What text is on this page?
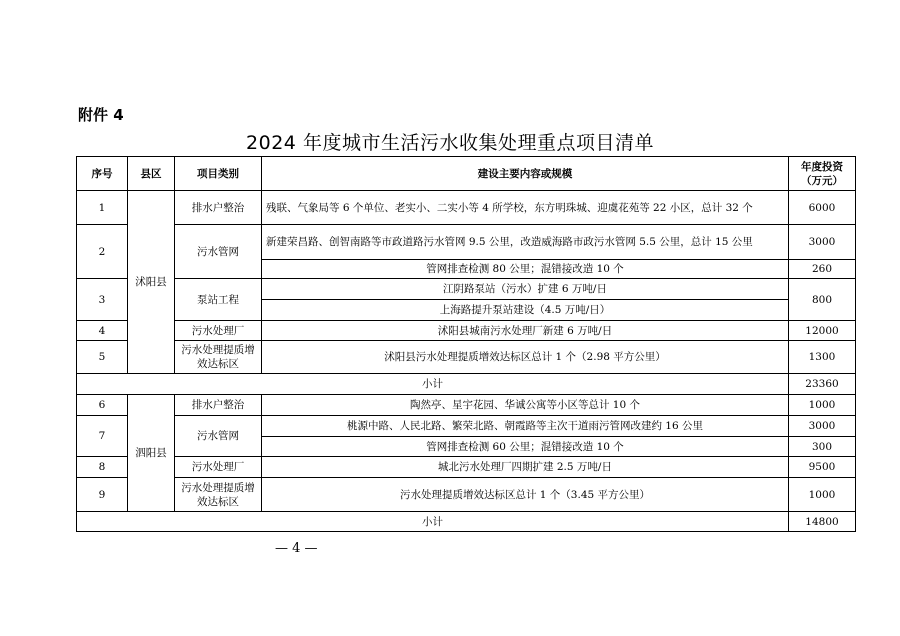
附件 4
2024 年度城市生活污水收集处理重点项目清单
序号	县区	项目类别	建设主要内容或规模	年度投资（万元）
1	沭阳县	排水户整治	残联、气象局等 6 个单位、老实小、二实小等 4 所学校，东方明珠城、迎虞花苑等 22 小区，总计 32 个	6000
2		污水管网	新建荣昌路、创智南路等市政道路污水管网 9.5 公里，改造威海路市政污水管网 5.5 公里，总计 15 公里	3000
			管网排查检测 80 公里；混错接改造 10 个	260
3		泵站工程	江阴路泵站（污水）扩建 6 万吨/日	800
			上海路提升泵站建设（4.5 万吨/日）	
4		污水处理厂	沭阳县城南污水处理厂新建 6 万吨/日	12000
5		污水处理提质增效达标区	沭阳县污水处理提质增效达标区总计 1 个（2.98 平方公里）	1300
小计				23360
6	泗阳县	排水户整治	陶然亭、星宇花园、华诚公寓等小区等总计 10 个	1000
7		污水管网	桃源中路、人民北路、繁荣北路、朝霞路等主次干道雨污管网改建约 16 公里	3000
			管网排查检测 60 公里；混错接改造 10 个	300
8		污水处理厂	城北污水处理厂四期扩建 2.5 万吨/日	9500
9		污水处理提质增效达标区	污水处理提质增效达标区总计 1 个（3.45 平方公里）	1000
小计				14800
— 4 —
